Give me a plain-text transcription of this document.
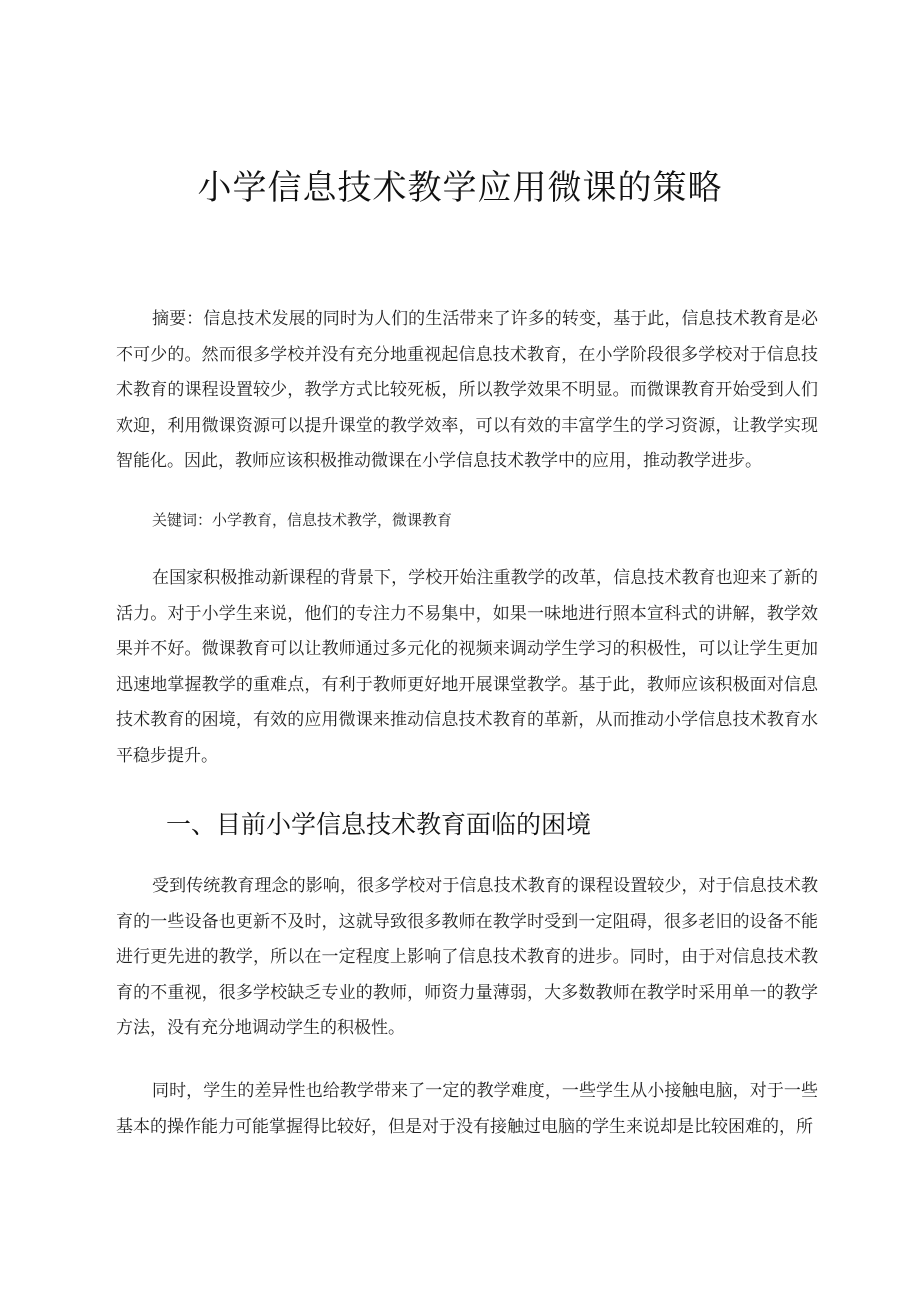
小学信息技术教学应用微课的策略

摘要：信息技术发展的同时为人们的生活带来了许多的转变，基于此，信息技术教育是必不可少的。然而很多学校并没有充分地重视起信息技术教育，在小学阶段很多学校对于信息技术教育的课程设置较少，教学方式比较死板，所以教学效果不明显。而微课教育开始受到人们欢迎，利用微课资源可以提升课堂的教学效率，可以有效的丰富学生的学习资源，让教学实现智能化。因此，教师应该积极推动微课在小学信息技术教学中的应用，推动教学进步。

关键词：小学教育，信息技术教学，微课教育

在国家积极推动新课程的背景下，学校开始注重教学的改革，信息技术教育也迎来了新的活力。对于小学生来说，他们的专注力不易集中，如果一味地进行照本宣科式的讲解，教学效果并不好。微课教育可以让教师通过多元化的视频来调动学生学习的积极性，可以让学生更加迅速地掌握教学的重难点，有利于教师更好地开展课堂教学。基于此，教师应该积极面对信息技术教育的困境，有效的应用微课来推动信息技术教育的革新，从而推动小学信息技术教育水平稳步提升。

一、目前小学信息技术教育面临的困境

受到传统教育理念的影响，很多学校对于信息技术教育的课程设置较少，对于信息技术教育的一些设备也更新不及时，这就导致很多教师在教学时受到一定阻碍，很多老旧的设备不能进行更先进的教学，所以在一定程度上影响了信息技术教育的进步。同时，由于对信息技术教育的不重视，很多学校缺乏专业的教师，师资力量薄弱，大多数教师在教学时采用单一的教学方法，没有充分地调动学生的积极性。

同时，学生的差异性也给教学带来了一定的教学难度，一些学生从小接触电脑，对于一些基本的操作能力可能掌握得比较好，但是对于没有接触过电脑的学生来说却是比较困难的，所
